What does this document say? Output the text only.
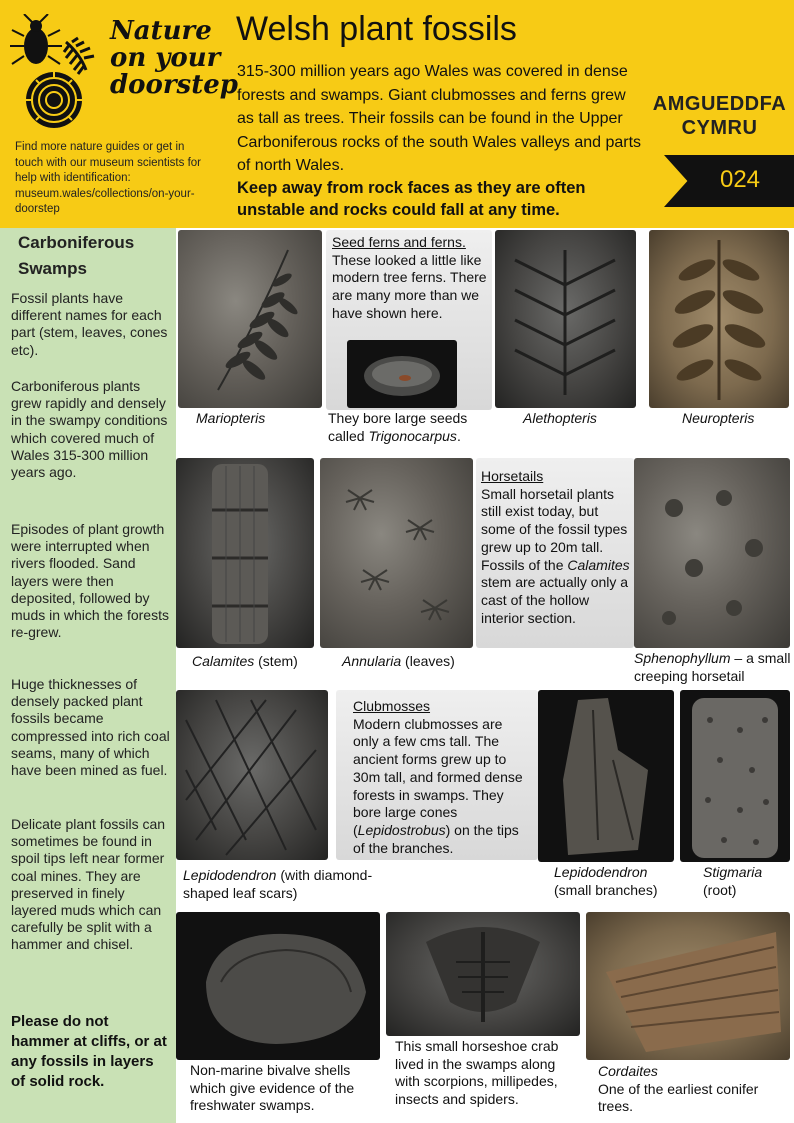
Nature
on your
doorstep
Find more nature guides or get in touch with our museum scientists for help with identification: museum.wales/collections/on-your-doorstep
Welsh plant fossils
315-300 million years ago Wales was covered in dense forests and swamps. Giant clubmosses and ferns grew as tall as trees. Their fossils can be found in the Upper Carboniferous rocks of the south Wales valleys and parts of north Wales.
Keep away from rock faces as they are often unstable and rocks could fall at any time.
AMGUEDDFA
CYMRU
024
Carboniferous Swamps
Fossil plants have different names for each part (stem, leaves, cones etc).
Carboniferous plants grew rapidly and densely in the swampy conditions which covered much of Wales 315-300 million years ago.
Episodes of plant growth were interrupted when rivers flooded. Sand layers were then deposited, followed by muds in which the forests re-grew.
Huge thicknesses of densely packed plant fossils became compressed into rich coal seams, many of which have been mined as fuel.
Delicate plant fossils can sometimes be found in spoil tips left near former coal mines. They are preserved in finely layered muds which can carefully be split with a hammer and chisel.
Please do not hammer at cliffs, or at any fossils in layers of solid rock.
Mariopteris
Seed ferns and ferns.
These looked a little like modern tree ferns. There are many more than we have shown here.
They bore large seeds called Trigonocarpus.
Alethopteris	Neuropteris
Calamites (stem)	Annularia (leaves)
Horsetails
Small horsetail plants still exist today, but some of the fossil types grew up to 20m tall. Fossils of the Calamites stem are actually only a cast of the hollow interior section.
Sphenophyllum – a small creeping horsetail
Lepidodendron (with diamond-shaped leaf scars)
Clubmosses
Modern clubmosses are only a few cms tall. The ancient forms grew up to 30m tall, and formed dense forests in swamps. They bore large cones (Lepidostrobus) on the tips of the branches.
Lepidodendron
(small branches)
Stigmaria
(root)
Non-marine bivalve shells which give evidence of the freshwater swamps.
This small horseshoe crab lived in the swamps along with scorpions, millipedes, insects and spiders.
Cordaites
One of the earliest conifer trees.
